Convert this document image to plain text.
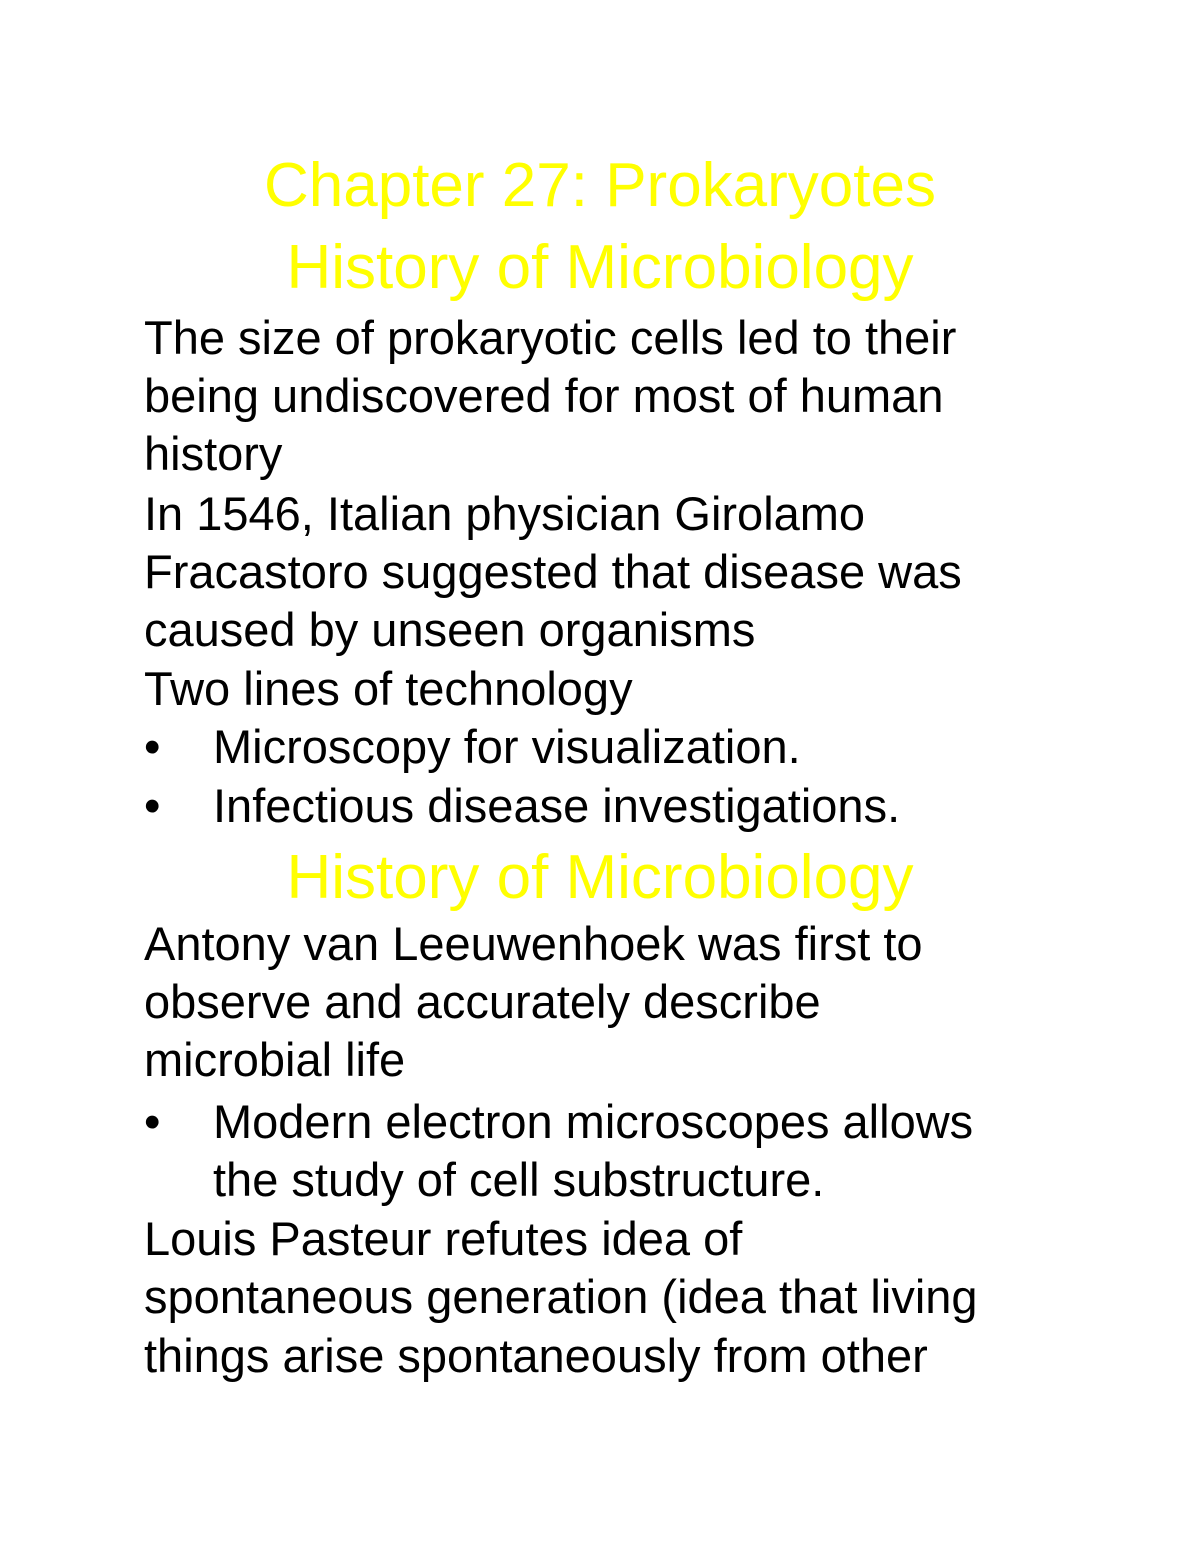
Chapter 27: Prokaryotes
History of Microbiology
The size of prokaryotic cells led to their
being undiscovered for most of human
history
In 1546, Italian physician Girolamo
Fracastoro suggested that disease was
caused by unseen organisms
Two lines of technology
• Microscopy for visualization.
• Infectious disease investigations.
History of Microbiology
Antony van Leeuwenhoek was first to
observe and accurately describe
microbial life
• Modern electron microscopes allows
the study of cell substructure.
Louis Pasteur refutes idea of
spontaneous generation (idea that living
things arise spontaneously from other
